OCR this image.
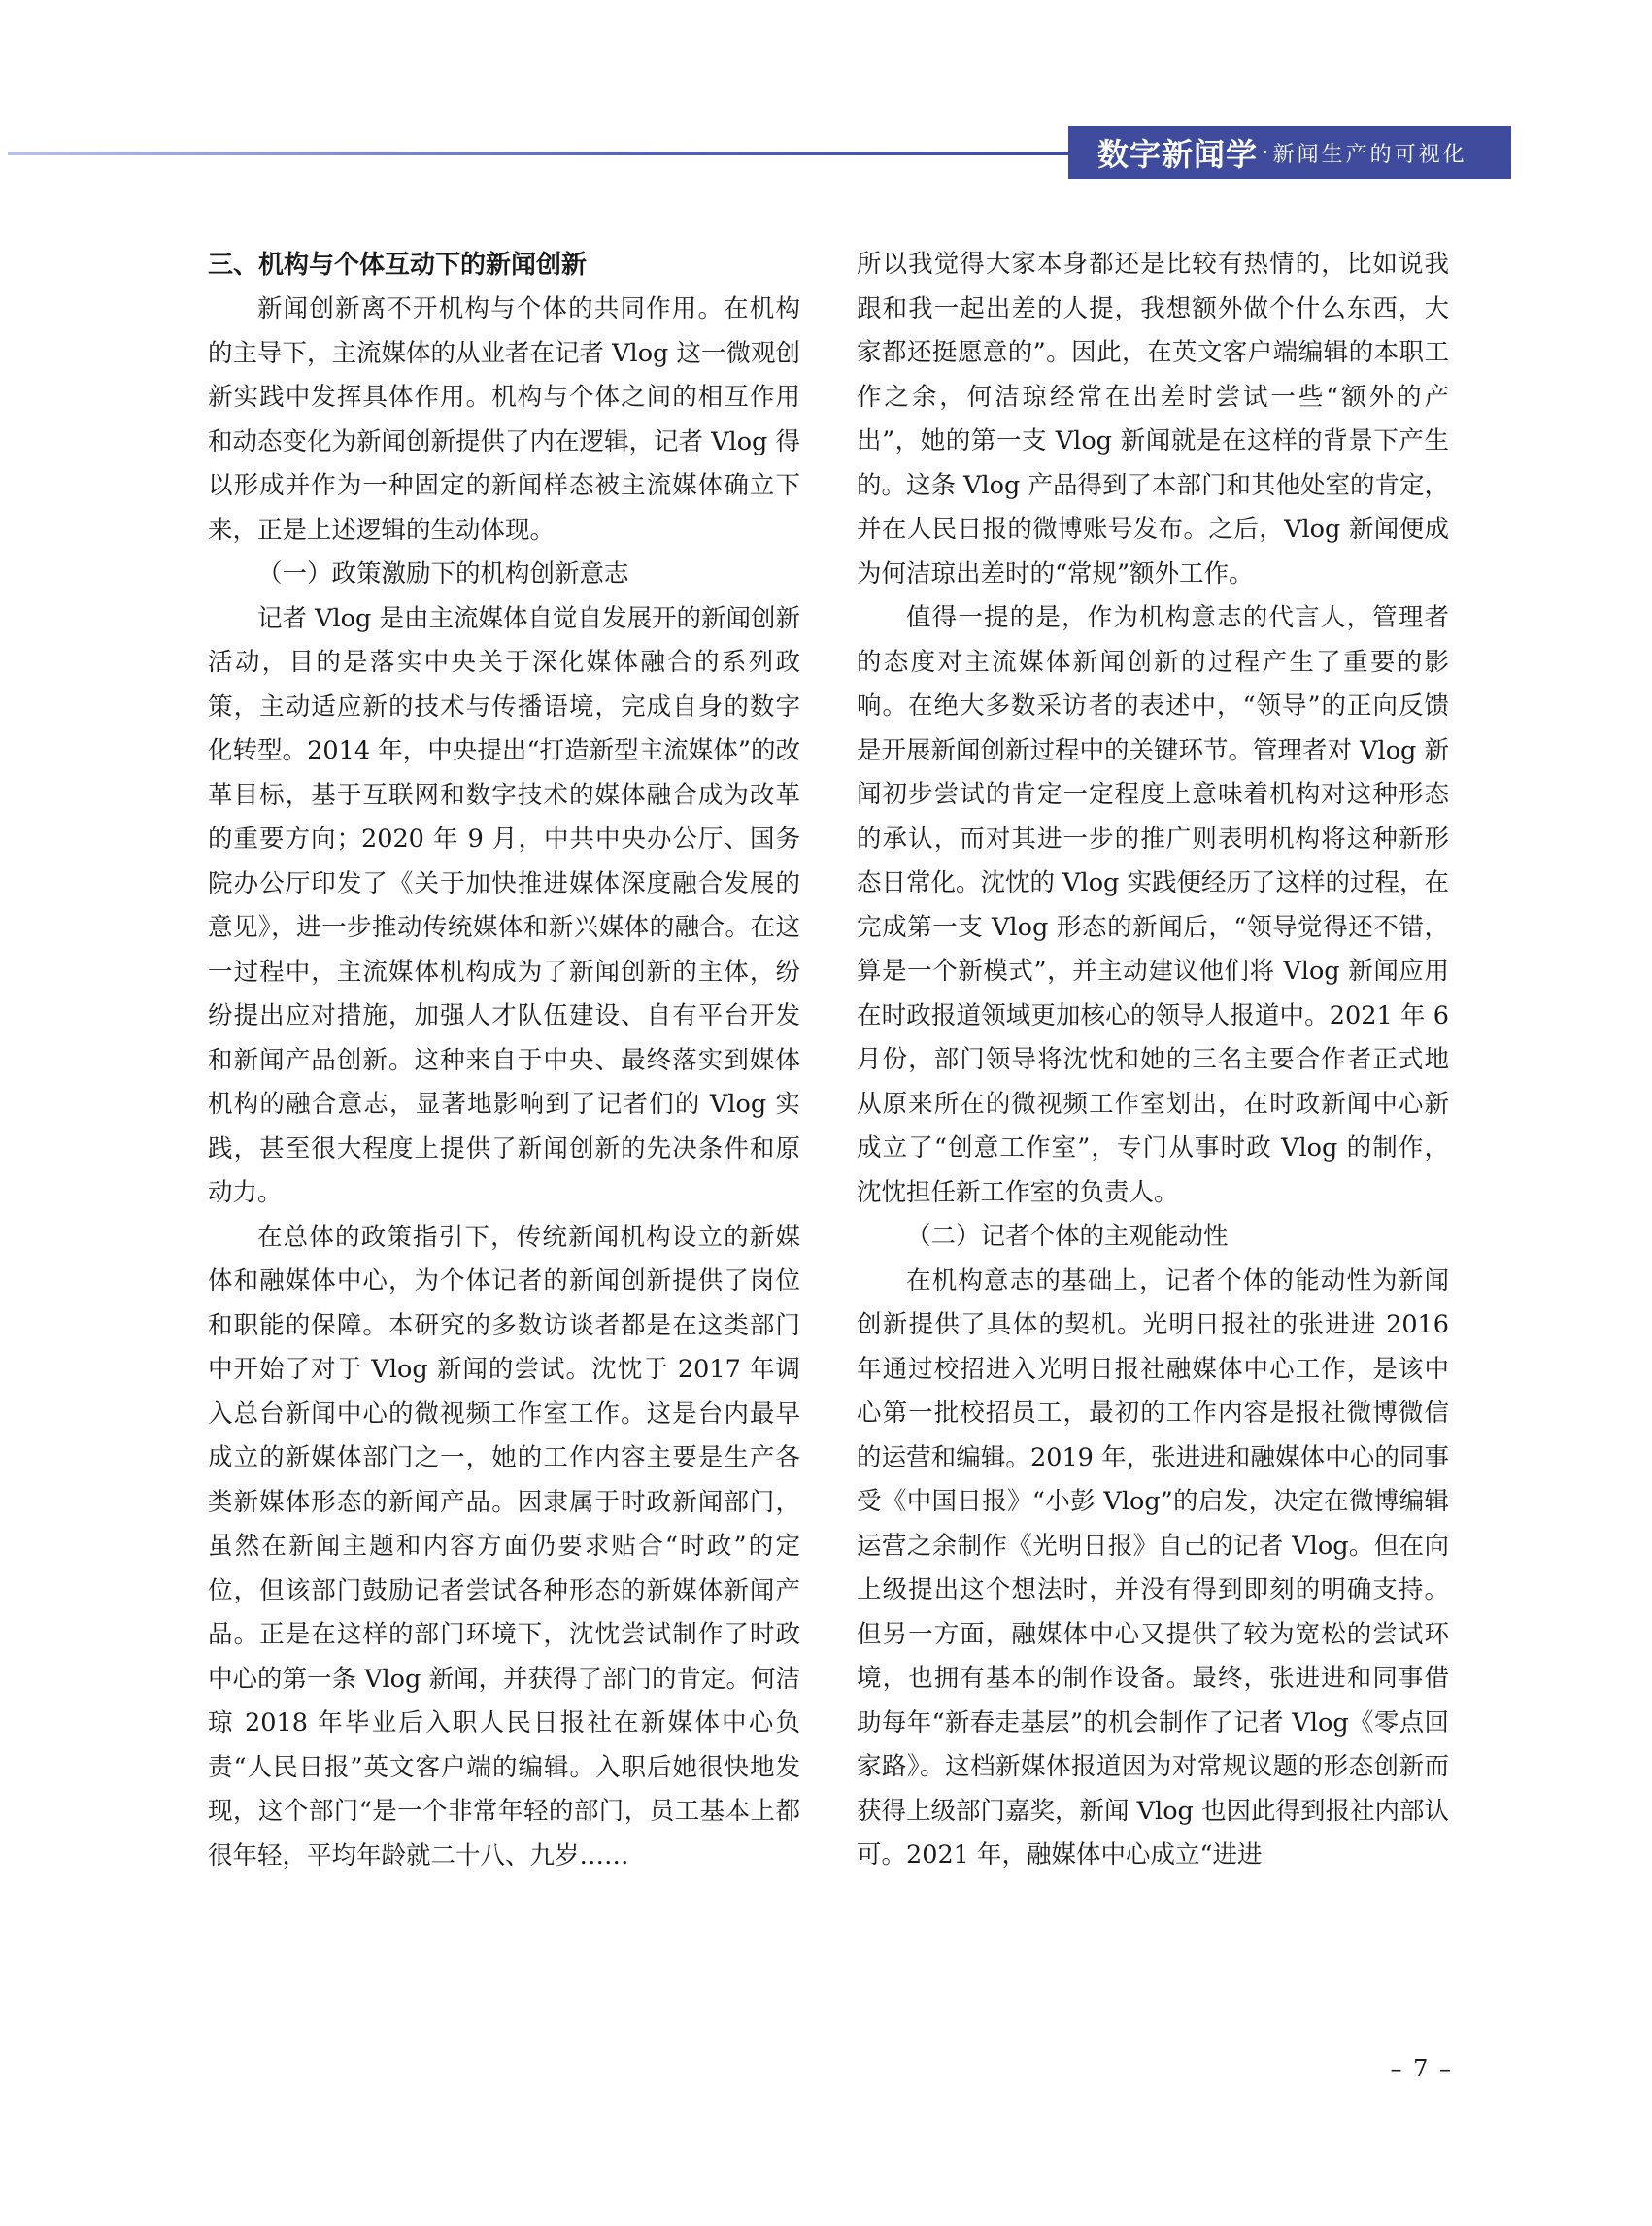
数字新闻学 · 新闻生产的可视化
三、机构与个体互动下的新闻创新

新闻创新离不开机构与个体的共同作用。在机构的主导下，主流媒体的从业者在记者 Vlog 这一微观创新实践中发挥具体作用。机构与个体之间的相互作用和动态变化为新闻创新提供了内在逻辑，记者 Vlog 得以形成并作为一种固定的新闻样态被主流媒体确立下来，正是上述逻辑的生动体现。

（一）政策激励下的机构创新意志

记者 Vlog 是由主流媒体自觉自发展开的新闻创新活动，目的是落实中央关于深化媒体融合的系列政策，主动适应新的技术与传播语境，完成自身的数字化转型。2014 年，中央提出“打造新型主流媒体”的改革目标，基于互联网和数字技术的媒体融合成为改革的重要方向；2020 年 9 月，中共中央办公厅、国务院办公厅印发了《关于加快推进媒体深度融合发展的意见》，进一步推动传统媒体和新兴媒体的融合。在这一过程中，主流媒体机构成为了新闻创新的主体，纷纷提出应对措施，加强人才队伍建设、自有平台开发和新闻产品创新。这种来自于中央、最终落实到媒体机构的融合意志，显著地影响到了记者们的 Vlog 实践，甚至很大程度上提供了新闻创新的先决条件和原动力。

在总体的政策指引下，传统新闻机构设立的新媒体和融媒体中心，为个体记者的新闻创新提供了岗位和职能的保障。本研究的多数访谈者都是在这类部门中开始了对于 Vlog 新闻的尝试。沈忱于 2017 年调入总台新闻中心的微视频工作室工作。这是台内最早成立的新媒体部门之一，她的工作内容主要是生产各类新媒体形态的新闻产品。因隶属于时政新闻部门，虽然在新闻主题和内容方面仍要求贴合“时政”的定位，但该部门鼓励记者尝试各种形态的新媒体新闻产品。正是在这样的部门环境下，沈忱尝试制作了时政中心的第一条 Vlog 新闻，并获得了部门的肯定。何洁琼 2018 年毕业后入职人民日报社在新媒体中心负责“人民日报”英文客户端的编辑。入职后她很快地发现，这个部门“是一个非常年轻的部门，员工基本上都很年轻，平均年龄就二十八、九岁……

所以我觉得大家本身都还是比较有热情的，比如说我跟和我一起出差的人提，我想额外做个什么东西，大家都还挺愿意的”。因此，在英文客户端编辑的本职工作之余，何洁琼经常在出差时尝试一些“额外的产出”，她的第一支 Vlog 新闻就是在这样的背景下产生的。这条 Vlog 产品得到了本部门和其他处室的肯定，并在人民日报的微博账号发布。之后，Vlog 新闻便成为何洁琼出差时的“常规”额外工作。

值得一提的是，作为机构意志的代言人，管理者的态度对主流媒体新闻创新的过程产生了重要的影响。在绝大多数采访者的表述中，“领导”的正向反馈是开展新闻创新过程中的关键环节。管理者对 Vlog 新闻初步尝试的肯定一定程度上意味着机构对这种形态的承认，而对其进一步的推广则表明机构将这种新形态日常化。沈忱的 Vlog 实践便经历了这样的过程，在完成第一支 Vlog 形态的新闻后，“领导觉得还不错，算是一个新模式”，并主动建议他们将 Vlog 新闻应用在时政报道领域更加核心的领导人报道中。2021 年 6 月份，部门领导将沈忱和她的三名主要合作者正式地从原来所在的微视频工作室划出，在时政新闻中心新成立了“创意工作室”，专门从事时政 Vlog 的制作，沈忱担任新工作室的负责人。

（二）记者个体的主观能动性

在机构意志的基础上，记者个体的能动性为新闻创新提供了具体的契机。光明日报社的张进进 2016 年通过校招进入光明日报社融媒体中心工作，是该中心第一批校招员工，最初的工作内容是报社微博微信的运营和编辑。2019 年，张进进和融媒体中心的同事受《中国日报》“小彭 Vlog”的启发，决定在微博编辑运营之余制作《光明日报》自己的记者 Vlog。但在向上级提出这个想法时，并没有得到即刻的明确支持。但另一方面，融媒体中心又提供了较为宽松的尝试环境，也拥有基本的制作设备。最终，张进进和同事借助每年“新春走基层”的机会制作了记者 Vlog《零点回家路》。这档新媒体报道因为对常规议题的形态创新而获得上级部门嘉奖，新闻 Vlog 也因此得到报社内部认可。2021 年，融媒体中心成立“进进

– 7 –
